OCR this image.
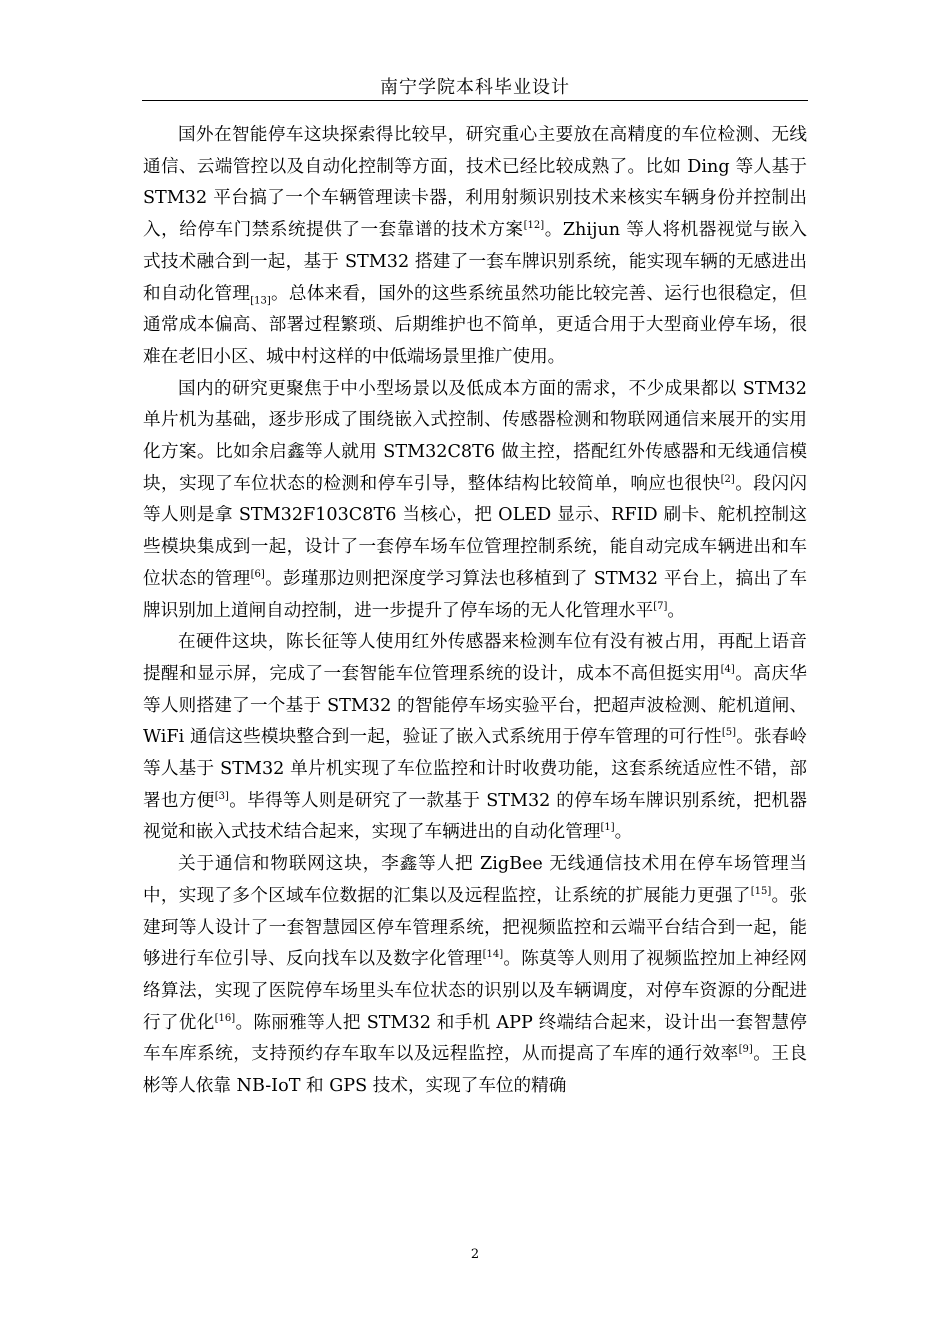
南宁学院本科毕业设计

国外在智能停车这块探索得比较早，研究重心主要放在高精度的车位检测、无线通信、云端管控以及自动化控制等方面，技术已经比较成熟了。比如 Ding 等人基于 STM32 平台搞了一个车辆管理读卡器，利用射频识别技术来核实车辆身份并控制出入，给停车门禁系统提供了一套靠谱的技术方案[12]。Zhijun 等人将机器视觉与嵌入式技术融合到一起，基于 STM32 搭建了一套车牌识别系统，能实现车辆的无感进出和自动化管理$_{[13]}$。总体来看，国外的这些系统虽然功能比较完善、运行也很稳定，但通常成本偏高、部署过程繁琐、后期维护也不简单，更适合用于大型商业停车场，很难在老旧小区、城中村这样的中低端场景里推广使用。

国内的研究更聚焦于中小型场景以及低成本方面的需求，不少成果都以 STM32 单片机为基础，逐步形成了围绕嵌入式控制、传感器检测和物联网通信来展开的实用化方案。比如余启鑫等人就用 STM32C8T6 做主控，搭配红外传感器和无线通信模块，实现了车位状态的检测和停车引导，整体结构比较简单，响应也很快[2]。段闪闪等人则是拿 STM32F103C8T6 当核心，把 OLED 显示、RFID 刷卡、舵机控制这些模块集成到一起，设计了一套停车场车位管理控制系统，能自动完成车辆进出和车位状态的管理[6]。彭瑾那边则把深度学习算法也移植到了 STM32 平台上，搞出了车牌识别加上道闸自动控制，进一步提升了停车场的无人化管理水平[7]。

在硬件这块，陈长征等人使用红外传感器来检测车位有没有被占用，再配上语音提醒和显示屏，完成了一套智能车位管理系统的设计，成本不高但挺实用[4]。高庆华等人则搭建了一个基于 STM32 的智能停车场实验平台，把超声波检测、舵机道闸、WiFi 通信这些模块整合到一起，验证了嵌入式系统用于停车管理的可行性[5]。张春岭等人基于 STM32 单片机实现了车位监控和计时收费功能，这套系统适应性不错，部署也方便[3]。毕得等人则是研究了一款基于 STM32 的停车场车牌识别系统，把机器视觉和嵌入式技术结合起来，实现了车辆进出的自动化管理[1]。

关于通信和物联网这块，李鑫等人把 ZigBee 无线通信技术用在停车场管理当中，实现了多个区域车位数据的汇集以及远程监控，让系统的扩展能力更强了[15]。张建珂等人设计了一套智慧园区停车管理系统，把视频监控和云端平台结合到一起，能够进行车位引导、反向找车以及数字化管理[14]。陈莫等人则用了视频监控加上神经网络算法，实现了医院停车场里头车位状态的识别以及车辆调度，对停车资源的分配进行了优化[16]。陈丽雅等人把 STM32 和手机 APP 终端结合起来，设计出一套智慧停车车库系统，支持预约存车取车以及远程监控，从而提高了车库的通行效率[9]。王良彬等人依靠 NB-IoT 和 GPS 技术，实现了车位的精确

2
